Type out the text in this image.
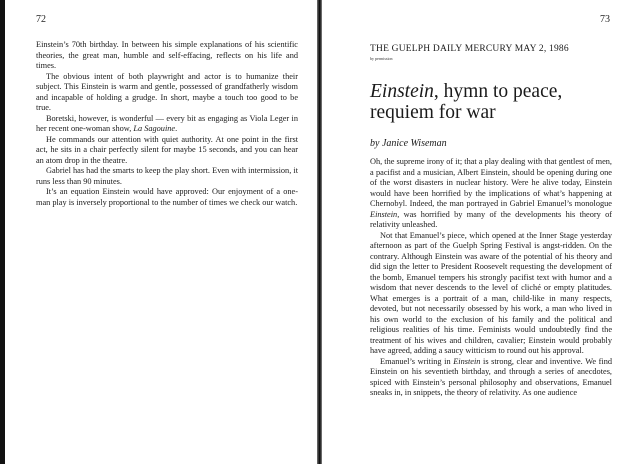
72

Einstein’s 70th birthday. In between his simple explanations of his scientific theories, the great man, humble and self-effacing, reflects on his life and times.

The obvious intent of both playwright and actor is to humanize their subject. This Einstein is warm and gentle, possessed of grandfatherly wisdom and incapable of holding a grudge. In short, maybe a touch too good to be true.

Boretski, however, is wonderful — every bit as engaging as Viola Leger in her recent one-woman show, La Sagouine.

He commands our attention with quiet authority. At one point in the first act, he sits in a chair perfectly silent for maybe 15 seconds, and you can hear an atom drop in the theatre.

Gabriel has had the smarts to keep the play short. Even with intermission, it runs less than 90 minutes.

It’s an equation Einstein would have approved: Our enjoyment of a one-man play is inversely proportional to the number of times we check our watch.

73
THE GUELPH DAILY MERCURY MAY 2, 1986
by permission
Einstein, hymn to peace, requiem for war
by Janice Wiseman

Oh, the supreme irony of it; that a play dealing with that gentlest of men, a pacifist and a musician, Albert Einstein, should be opening during one of the worst disasters in nuclear history. Were he alive today, Einstein would have been horrified by the implications of what’s happening at Chernobyl. Indeed, the man portrayed in Gabriel Emanuel’s monologue Einstein, was horrified by many of the developments his theory of relativity unleashed.

Not that Emanuel’s piece, which opened at the Inner Stage yesterday afternoon as part of the Guelph Spring Festival is angst-ridden. On the contrary. Although Einstein was aware of the potential of his theory and did sign the letter to President Roosevelt requesting the development of the bomb, Emanuel tempers his strongly pacifist text with humor and a wisdom that never descends to the level of cliché or empty platitudes. What emerges is a portrait of a man, child-like in many respects, devoted, but not necessarily obsessed by his work, a man who lived in his own world to the exclusion of his family and the political and religious realities of his time. Feminists would undoubtedly find the treatment of his wives and children, cavalier; Einstein would probably have agreed, adding a saucy witticism to round out his approval.

Emanuel’s writing in Einstein is strong, clear and inventive. We find Einstein on his seventieth birthday, and through a series of anecdotes, spiced with Einstein’s personal philosophy and observations, Emanuel sneaks in, in snippets, the theory of relativity. As one audience
